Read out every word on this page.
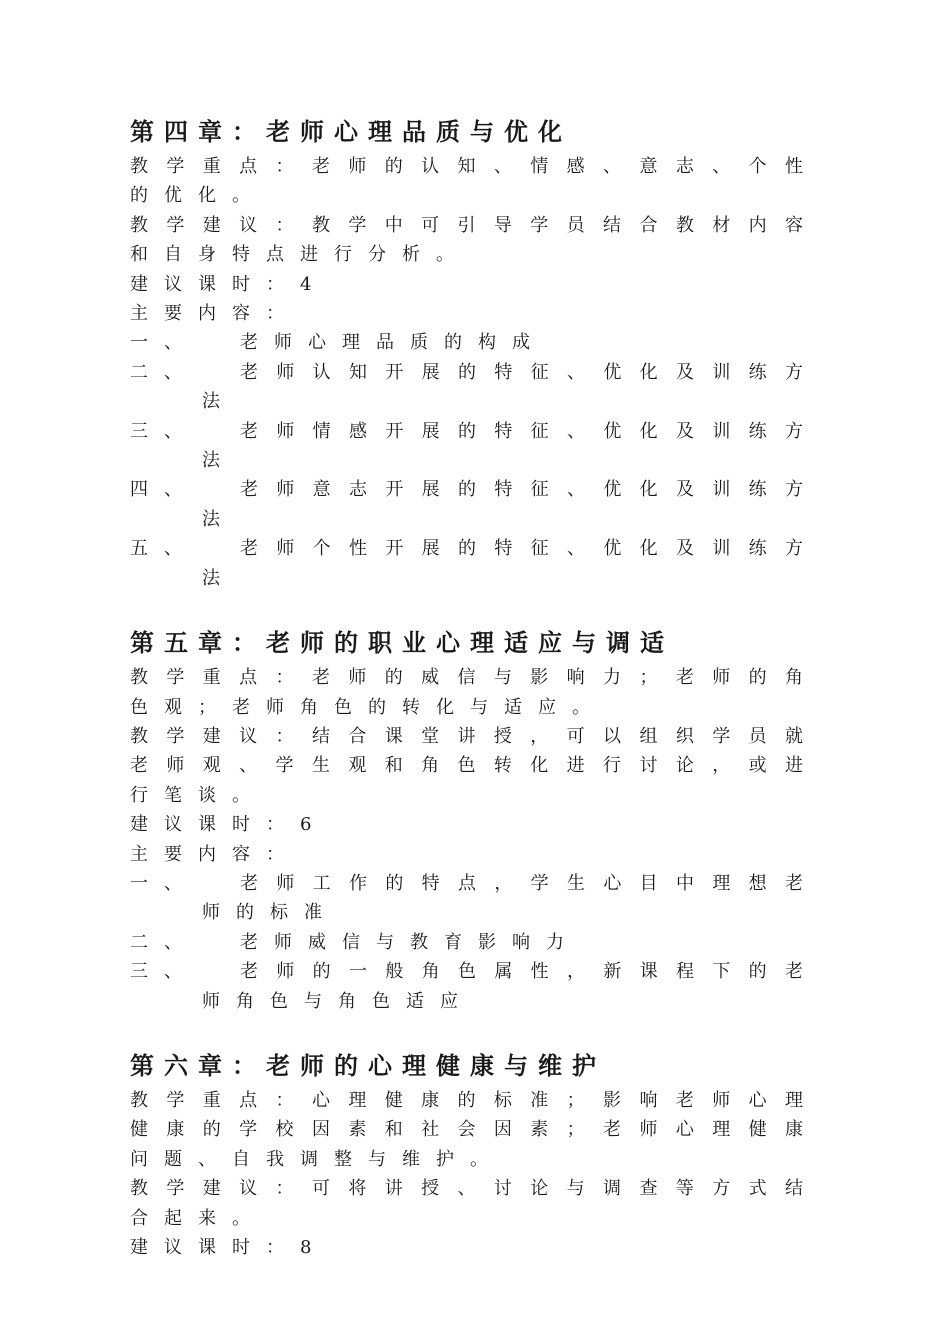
第四章：老师心理品质与优化

教学重点：老师的认知、情感、意志、个性

的优化。

教学建议：教学中可引导学员结合教材内容

和自身特点进行分析。

建议课时：4

主要内容：

一、	老师心理品质的构成
二、	老师认知开展的特征、优化及训练方

法

三、	老师情感开展的特征、优化及训练方

法

四、	老师意志开展的特征、优化及训练方

法

五、	老师个性开展的特征、优化及训练方

法

第五章：老师的职业心理适应与调适

教学重点：老师的威信与影响力；老师的角

色观；老师角色的转化与适应。

教学建议：结合课堂讲授，可以组织学员就

老师观、学生观和角色转化进行讨论，或进

行笔谈。

建议课时：6

主要内容：

一、	老师工作的特点，学生心目中理想老

师的标准

二、	老师威信与教育影响力
三、	老师的一般角色属性，新课程下的老

师角色与角色适应

第六章：老师的心理健康与维护

教学重点：心理健康的标准；影响老师心理

健康的学校因素和社会因素；老师心理健康

问题、自我调整与维护。

教学建议：可将讲授、讨论与调查等方式结

合起来。

建议课时：8
